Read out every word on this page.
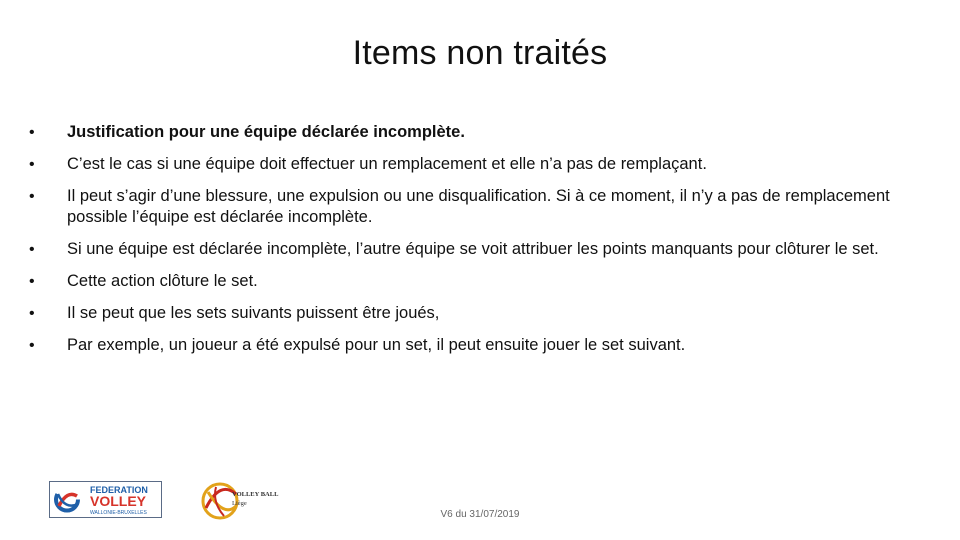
Items non traités
• Justification pour une équipe déclarée incomplète.
• C’est le cas si une équipe doit effectuer un remplacement et elle n’a pas de remplaçant.
• Il peut s’agir d’une blessure, une expulsion ou une disqualification. Si à ce moment, il n’y a pas de remplacement possible l’équipe est déclarée incomplète.
• Si une équipe est déclarée incomplète, l’autre équipe se voit attribuer les points manquants pour clôturer le set.
• Cette action clôture le set.
• Il se peut que les sets suivants puissent être joués,
• Par exemple, un joueur a été expulsé pour un set, il peut ensuite jouer le set suivant.
FEDERATION
VOLLEY
WALLONIE-BRUXELLES
VOLLEY BALL
Liège
V6 du 31/07/2019
